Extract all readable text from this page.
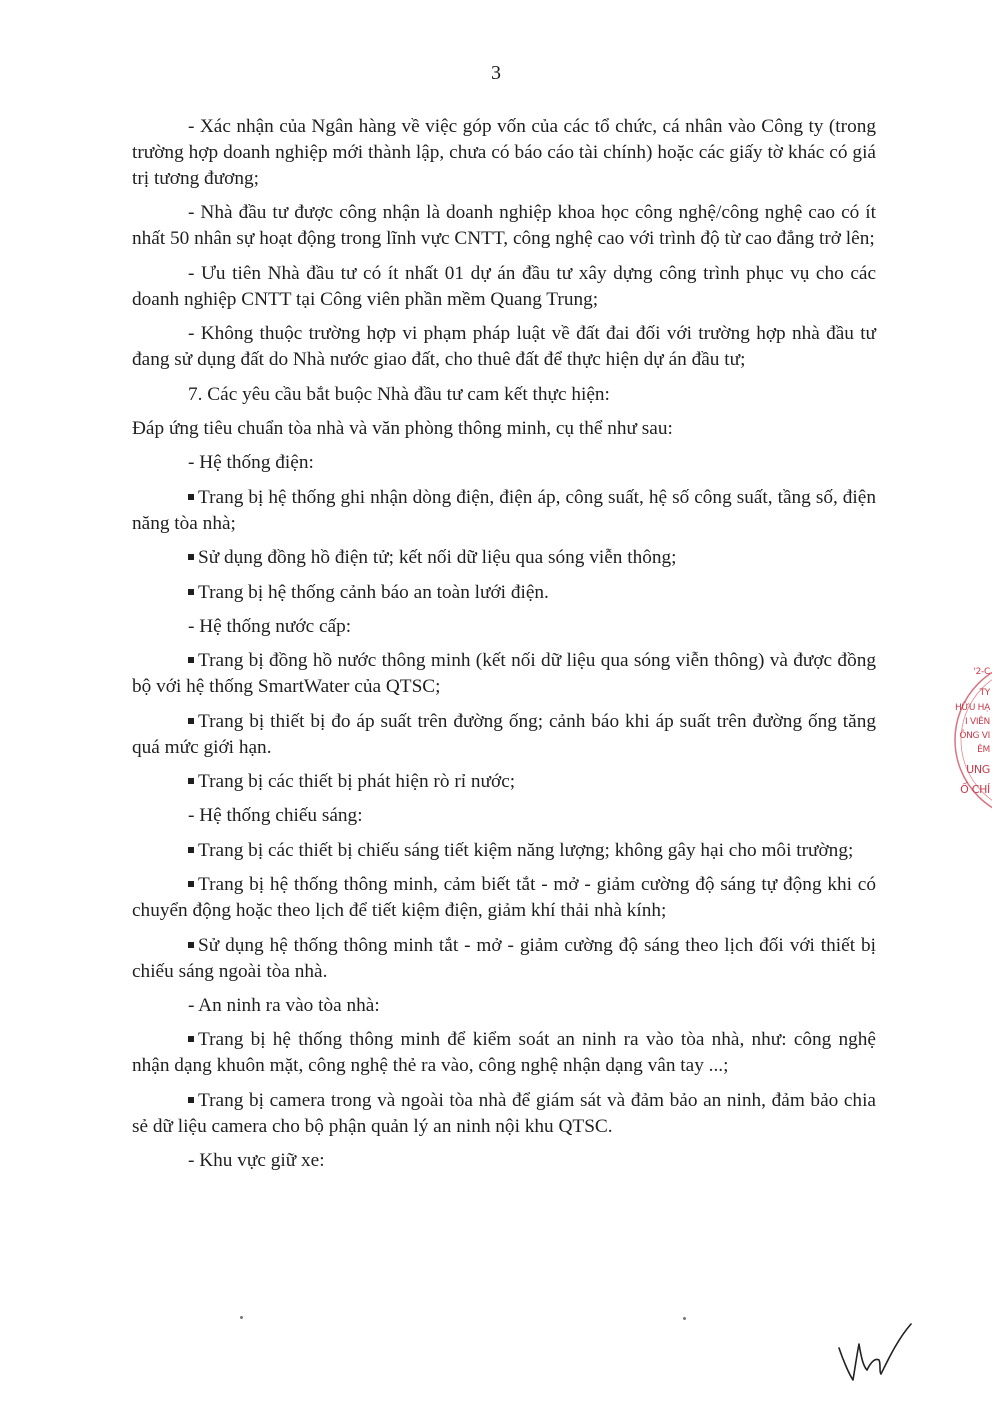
3

- Xác nhận của Ngân hàng về việc góp vốn của các tổ chức, cá nhân vào Công ty (trong trường hợp doanh nghiệp mới thành lập, chưa có báo cáo tài chính) hoặc các giấy tờ khác có giá trị tương đương;

- Nhà đầu tư được công nhận là doanh nghiệp khoa học công nghệ/công nghệ cao có ít nhất 50 nhân sự hoạt động trong lĩnh vực CNTT, công nghệ cao với trình độ từ cao đẳng trở lên;

- Ưu tiên Nhà đầu tư có ít nhất 01 dự án đầu tư xây dựng công trình phục vụ cho các doanh nghiệp CNTT tại Công viên phần mềm Quang Trung;

- Không thuộc trường hợp vi phạm pháp luật về đất đai đối với trường hợp nhà đầu tư đang sử dụng đất do Nhà nước giao đất, cho thuê đất để thực hiện dự án đầu tư;

7. Các yêu cầu bắt buộc Nhà đầu tư cam kết thực hiện:

Đáp ứng tiêu chuẩn tòa nhà và văn phòng thông minh, cụ thể như sau:

- Hệ thống điện:

Trang bị hệ thống ghi nhận dòng điện, điện áp, công suất, hệ số công suất, tầng số, điện năng tòa nhà;

Sử dụng đồng hồ điện tử; kết nối dữ liệu qua sóng viễn thông;

Trang bị hệ thống cảnh báo an toàn lưới điện.

- Hệ thống nước cấp:

Trang bị đồng hồ nước thông minh (kết nối dữ liệu qua sóng viễn thông) và được đồng bộ với hệ thống SmartWater của QTSC;

Trang bị thiết bị đo áp suất trên đường ống; cảnh báo khi áp suất trên đường ống tăng quá mức giới hạn.

Trang bị các thiết bị phát hiện rò rỉ nước;

- Hệ thống chiếu sáng:

Trang bị các thiết bị chiếu sáng tiết kiệm năng lượng; không gây hại cho môi trường;

Trang bị hệ thống thông minh, cảm biết tắt - mở - giảm cường độ sáng tự động khi có chuyển động hoặc theo lịch để tiết kiệm điện, giảm khí thải nhà kính;

Sử dụng hệ thống thông minh tắt - mở - giảm cường độ sáng theo lịch đối với thiết bị chiếu sáng ngoài tòa nhà.

- An ninh ra vào tòa nhà:

Trang bị hệ thống thông minh để kiểm soát an ninh ra vào tòa nhà, như: công nghệ nhận dạng khuôn mặt, công nghệ thẻ ra vào, công nghệ nhận dạng vân tay ...;

Trang bị camera trong và ngoài tòa nhà để giám sát và đảm bảo an ninh, đảm bảo chia sẻ dữ liệu camera cho bộ phận quản lý an ninh nội khu QTSC.

- Khu vực giữ xe:

'2-C
TY
HỮU HẠ
I VIÊN
ÔNG VI
ÊM
UNG
Ố CHÍ
